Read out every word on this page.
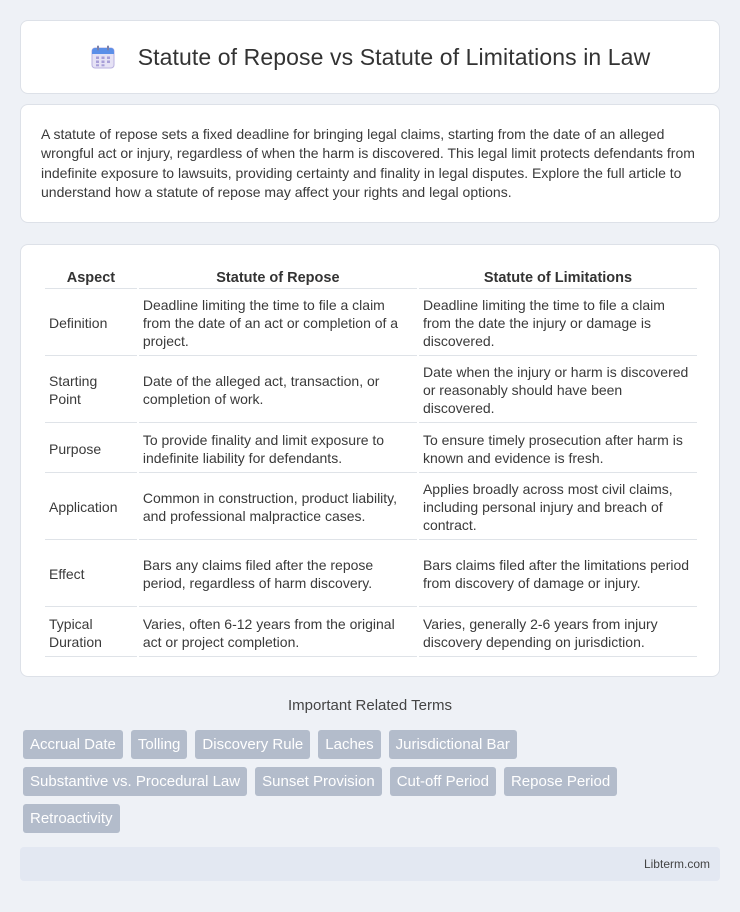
Statute of Repose vs Statute of Limitations in Law

A statute of repose sets a fixed deadline for bringing legal claims, starting from the date of an alleged wrongful act or injury, regardless of when the harm is discovered. This legal limit protects defendants from indefinite exposure to lawsuits, providing certainty and finality in legal disputes. Explore the full article to understand how a statute of repose may affect your rights and legal options.

Aspect	Statute of Repose	Statute of Limitations
Definition	Deadline limiting the time to file a claim from the date of an act or completion of a project.	Deadline limiting the time to file a claim from the date the injury or damage is discovered.
Starting Point	Date of the alleged act, transaction, or completion of work.	Date when the injury or harm is discovered or reasonably should have been discovered.
Purpose	To provide finality and limit exposure to indefinite liability for defendants.	To ensure timely prosecution after harm is known and evidence is fresh.
Application	Common in construction, product liability, and professional malpractice cases.	Applies broadly across most civil claims, including personal injury and breach of contract.
Effect	Bars any claims filed after the repose period, regardless of harm discovery.	Bars claims filed after the limitations period from discovery of damage or injury.
Typical Duration	Varies, often 6-12 years from the original act or project completion.	Varies, generally 2-6 years from injury discovery depending on jurisdiction.
Important Related Terms
Accrual Date	Tolling	Discovery Rule	Laches	Jurisdictional Bar
Substantive vs. Procedural Law	Sunset Provision	Cut-off Period	Repose Period
Retroactivity
Libterm.com
